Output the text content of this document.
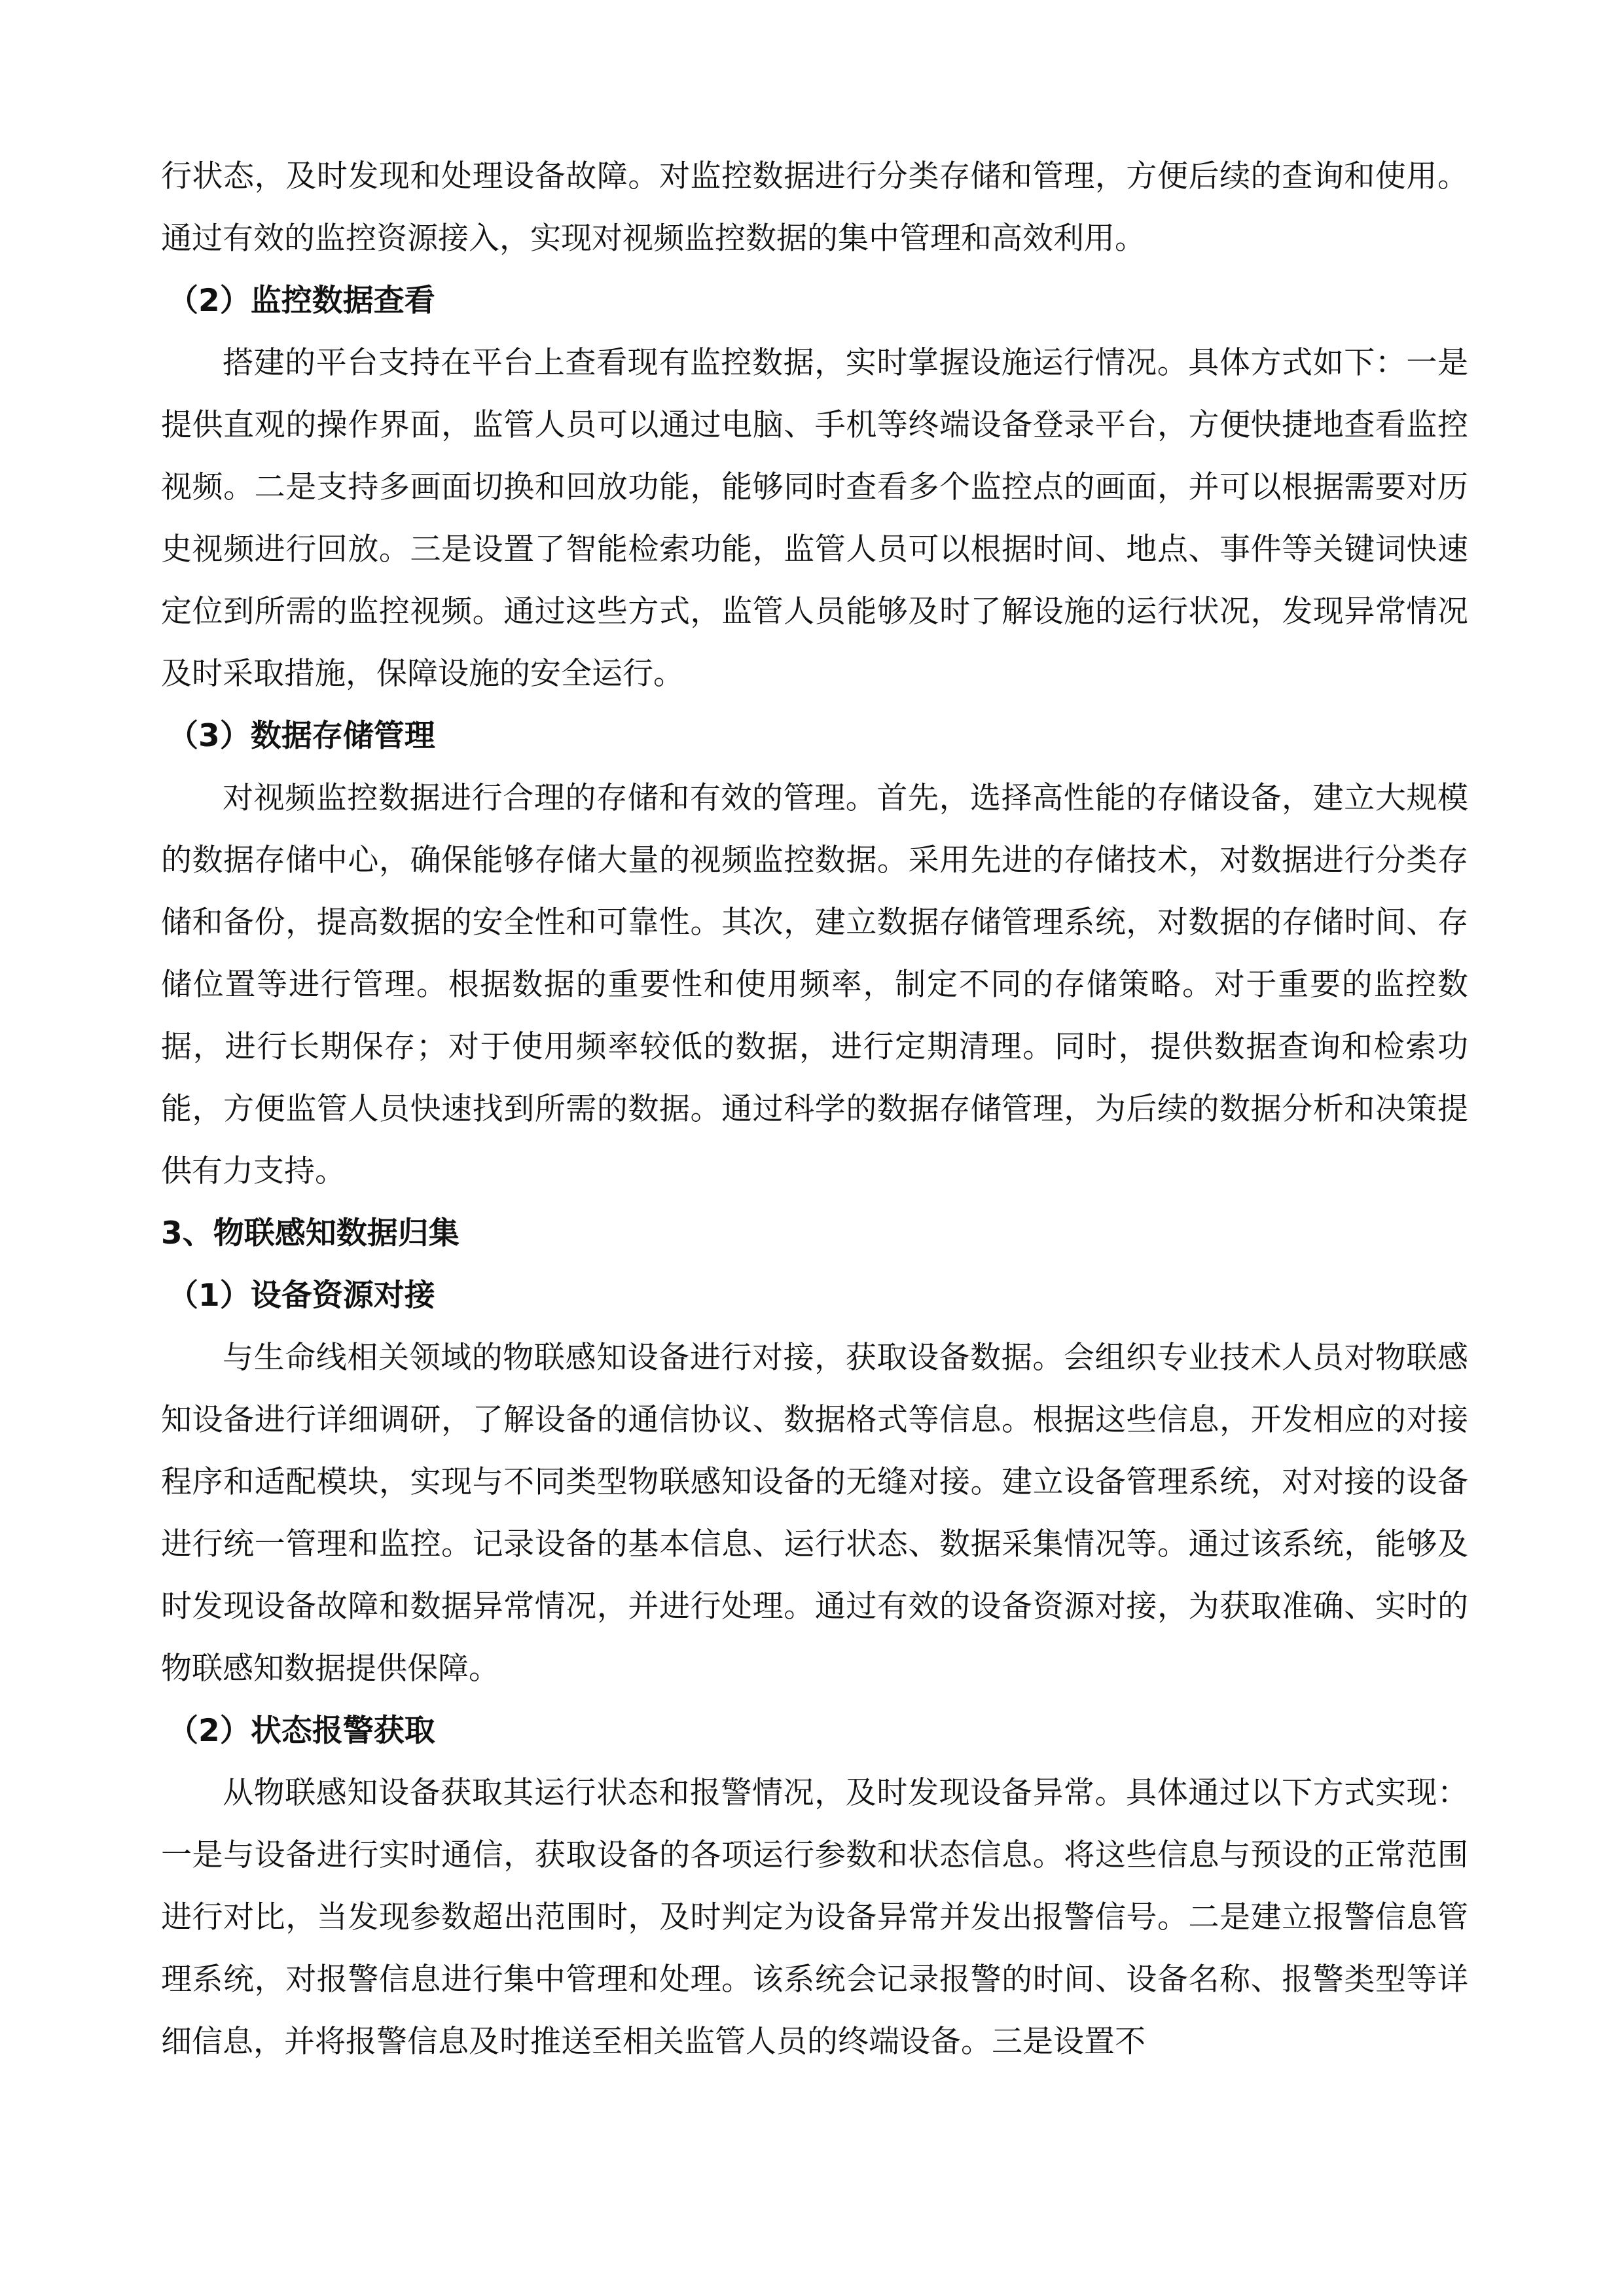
行状态，及时发现和处理设备故障。对监控数据进行分类存储和管理，方便后续的查询和使用。通过有效的监控资源接入，实现对视频监控数据的集中管理和高效利用。

（2）监控数据查看

搭建的平台支持在平台上查看现有监控数据，实时掌握设施运行情况。具体方式如下：一是提供直观的操作界面，监管人员可以通过电脑、手机等终端设备登录平台，方便快捷地查看监控视频。二是支持多画面切换和回放功能，能够同时查看多个监控点的画面，并可以根据需要对历史视频进行回放。三是设置了智能检索功能，监管人员可以根据时间、地点、事件等关键词快速定位到所需的监控视频。通过这些方式，监管人员能够及时了解设施的运行状况，发现异常情况及时采取措施，保障设施的安全运行。

（3）数据存储管理

对视频监控数据进行合理的存储和有效的管理。首先，选择高性能的存储设备，建立大规模的数据存储中心，确保能够存储大量的视频监控数据。采用先进的存储技术，对数据进行分类存储和备份，提高数据的安全性和可靠性。其次，建立数据存储管理系统，对数据的存储时间、存储位置等进行管理。根据数据的重要性和使用频率，制定不同的存储策略。对于重要的监控数据，进行长期保存；对于使用频率较低的数据，进行定期清理。同时，提供数据查询和检索功能，方便监管人员快速找到所需的数据。通过科学的数据存储管理，为后续的数据分析和决策提供有力支持。

3、物联感知数据归集
（1）设备资源对接

与生命线相关领域的物联感知设备进行对接，获取设备数据。会组织专业技术人员对物联感知设备进行详细调研，了解设备的通信协议、数据格式等信息。根据这些信息，开发相应的对接程序和适配模块，实现与不同类型物联感知设备的无缝对接。建立设备管理系统，对对接的设备进行统一管理和监控。记录设备的基本信息、运行状态、数据采集情况等。通过该系统，能够及时发现设备故障和数据异常情况，并进行处理。通过有效的设备资源对接，为获取准确、实时的物联感知数据提供保障。

（2）状态报警获取

从物联感知设备获取其运行状态和报警情况，及时发现设备异常。具体通过以下方式实现：一是与设备进行实时通信，获取设备的各项运行参数和状态信息。将这些信息与预设的正常范围进行对比，当发现参数超出范围时，及时判定为设备异常并发出报警信号。二是建立报警信息管理系统，对报警信息进行集中管理和处理。该系统会记录报警的时间、设备名称、报警类型等详细信息，并将报警信息及时推送至相关监管人员的终端设备。三是设置不
